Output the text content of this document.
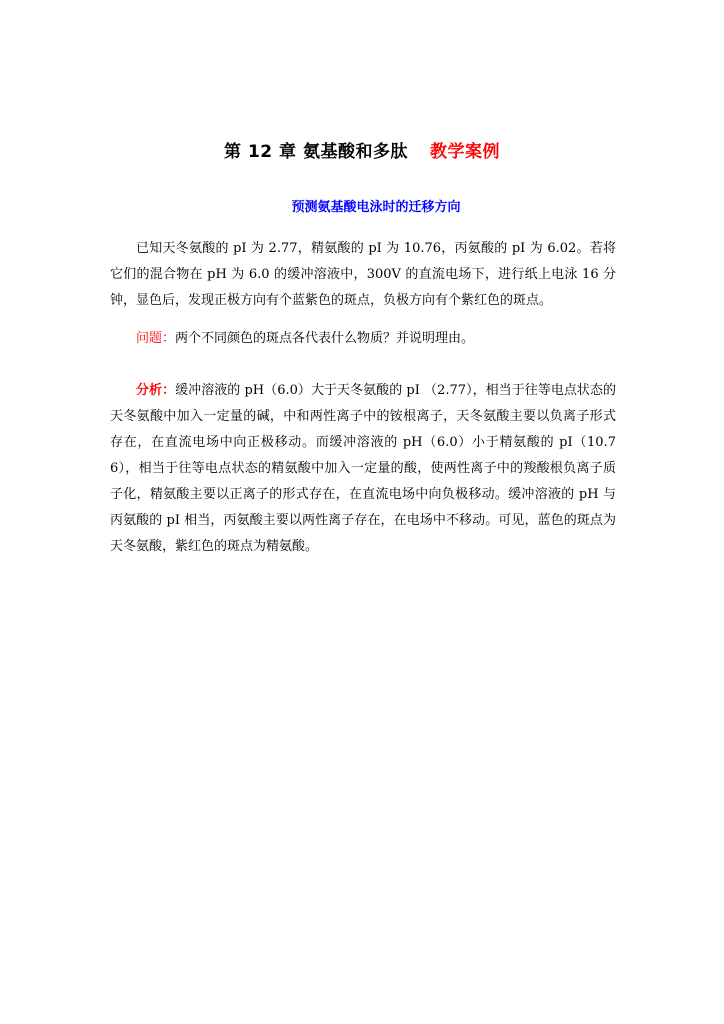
第 12 章 氨基酸和多肽 教学案例
预测氨基酸电泳时的迁移方向
已知天冬氨酸的 pI 为 2.77，精氨酸的 pI 为 10.76，丙氨酸的 pI 为 6.02。若将它们的混合物在 pH 为 6.0 的缓冲溶液中，300V 的直流电场下，进行纸上电泳 16 分钟，显色后，发现正极方向有个蓝紫色的斑点，负极方向有个紫红色的斑点。
问题：两个不同颜色的斑点各代表什么物质？并说明理由。
分析：缓冲溶液的 pH（6.0）大于天冬氨酸的 pI （2.77），相当于往等电点状态的天冬氨酸中加入一定量的碱，中和两性离子中的铵根离子，天冬氨酸主要以负离子形式存在，在直流电场中向正极移动。而缓冲溶液的 pH（6.0）小于精氨酸的 pI（10.76），相当于往等电点状态的精氨酸中加入一定量的酸，使两性离子中的羧酸根负离子质子化，精氨酸主要以正离子的形式存在，在直流电场中向负极移动。缓冲溶液的 pH 与丙氨酸的 pI 相当，丙氨酸主要以两性离子存在，在电场中不移动。可见，蓝色的斑点为天冬氨酸，紫红色的斑点为精氨酸。
